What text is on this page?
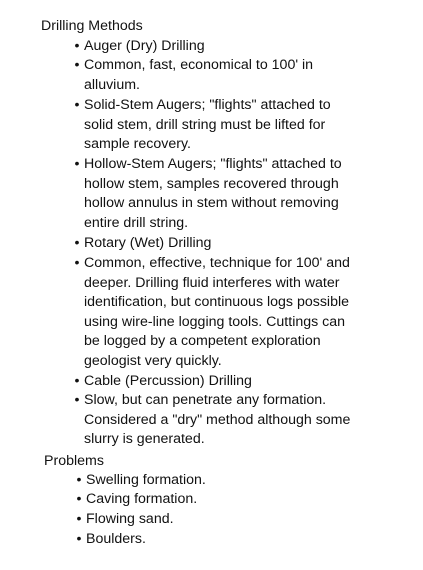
Drilling Methods
• Auger (Dry) Drilling
• Common, fast, economical to 100' in
alluvium.
• Solid-Stem Augers; "flights" attached to
solid stem, drill string must be lifted for
sample recovery.
• Hollow-Stem Augers; "flights" attached to
hollow stem, samples recovered through
hollow annulus in stem without removing
entire drill string.
• Rotary (Wet) Drilling
• Common, effective, technique for 100' and
deeper. Drilling fluid interferes with water
identification, but continuous logs possible
using wire-line logging tools. Cuttings can
be logged by a competent exploration
geologist very quickly.
• Cable (Percussion) Drilling
• Slow, but can penetrate any formation.
Considered a "dry" method although some
slurry is generated.
Problems
• Swelling formation.
• Caving formation.
• Flowing sand.
• Boulders.
